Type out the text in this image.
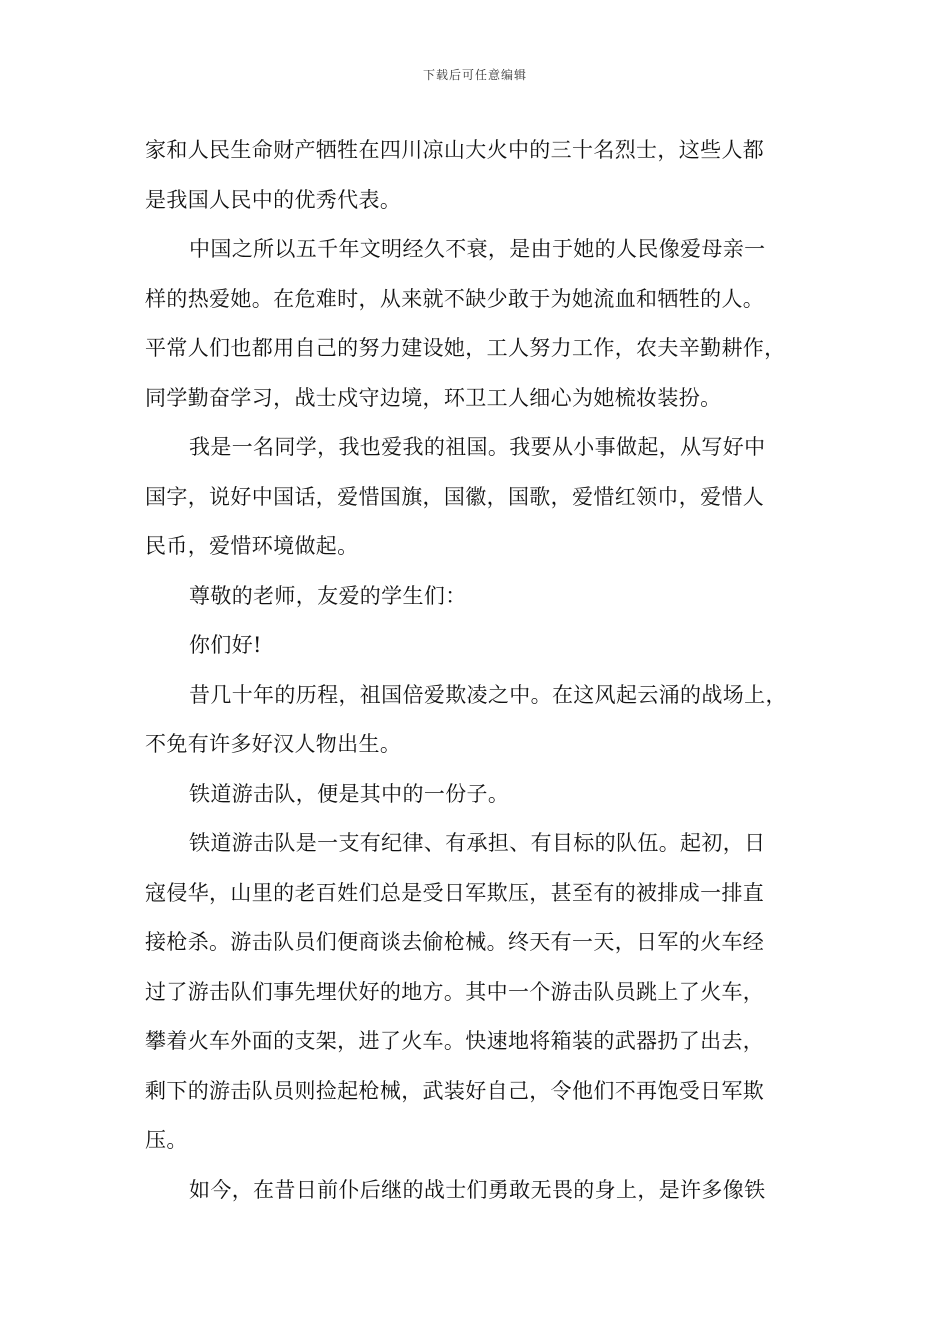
下载后可任意编辑
家和人民生命财产牺牲在四川凉山大火中的三十名烈士，这些人都
是我国人民中的优秀代表。
中国之所以五千年文明经久不衰，是由于她的人民像爱母亲一
样的热爱她。在危难时，从来就不缺少敢于为她流血和牺牲的人。
平常人们也都用自己的努力建设她，工人努力工作，农夫辛勤耕作，
同学勤奋学习，战士戍守边境，环卫工人细心为她梳妆装扮。
我是一名同学，我也爱我的祖国。我要从小事做起，从写好中
国字，说好中国话，爱惜国旗，国徽，国歌，爱惜红领巾，爱惜人
民币，爱惜环境做起。
尊敬的老师，友爱的学生们：
你们好!
昔几十年的历程，祖国倍爱欺凌之中。在这风起云涌的战场上，
不免有许多好汉人物出生。
铁道游击队，便是其中的一份子。
铁道游击队是一支有纪律、有承担、有目标的队伍。起初，日
寇侵华，山里的老百姓们总是受日军欺压，甚至有的被排成一排直
接枪杀。游击队员们便商谈去偷枪械。终天有一天，日军的火车经
过了游击队们事先埋伏好的地方。其中一个游击队员跳上了火车，
攀着火车外面的支架，进了火车。快速地将箱装的武器扔了出去，
剩下的游击队员则捡起枪械，武装好自己，令他们不再饱受日军欺
压。
如今，在昔日前仆后继的战士们勇敢无畏的身上，是许多像铁
